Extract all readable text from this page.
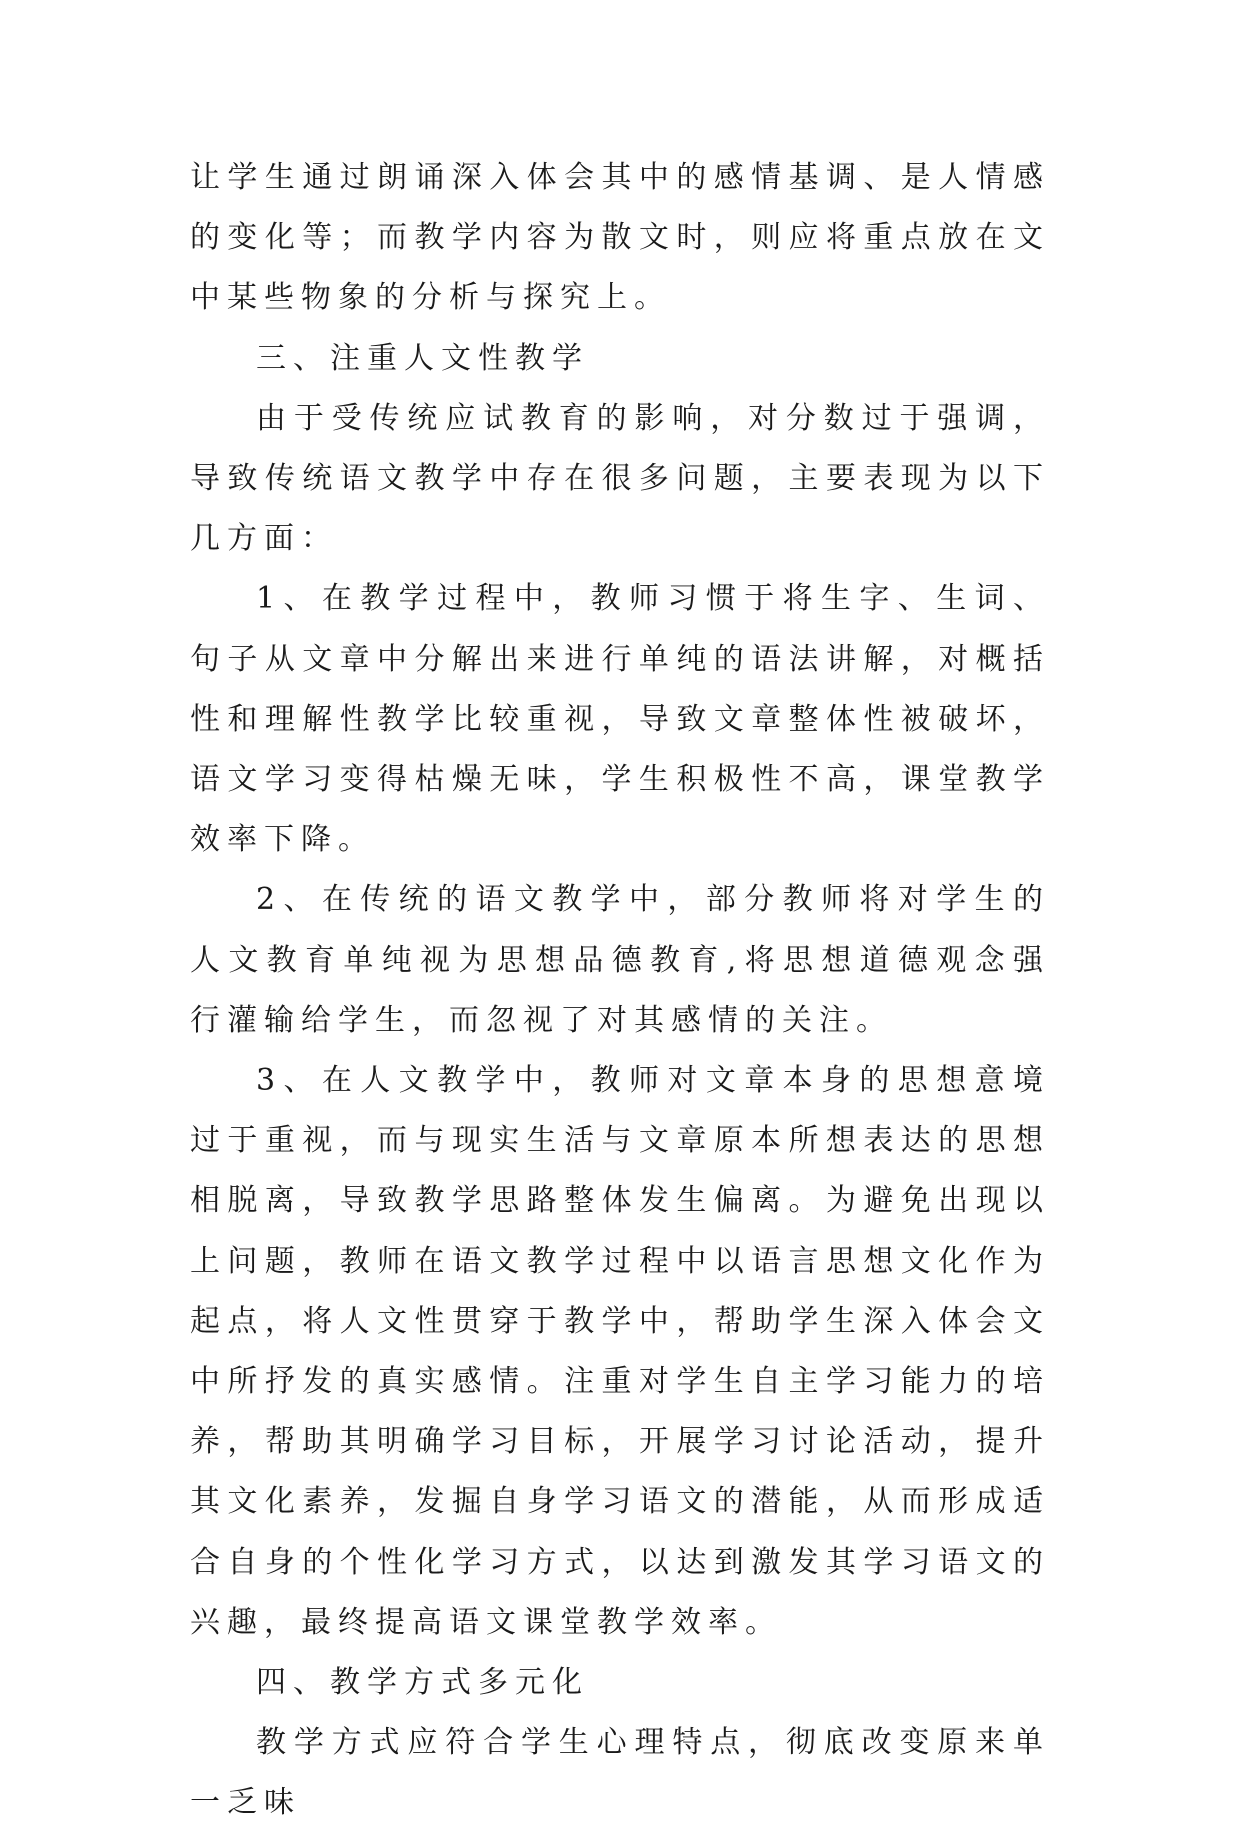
让学生通过朗诵深入体会其中的感情基调、是人情感的变化等；而教学内容为散文时，则应将重点放在文中某些物象的分析与探究上。

三、注重人文性教学

由于受传统应试教育的影响，对分数过于强调，导致传统语文教学中存在很多问题，主要表现为以下几方面：

1、在教学过程中，教师习惯于将生字、生词、句子从文章中分解出来进行单纯的语法讲解，对概括性和理解性教学比较重视，导致文章整体性被破坏，语文学习变得枯燥无味，学生积极性不高，课堂教学效率下降。

2、在传统的语文教学中，部分教师将对学生的人文教育单纯视为思想品德教育,将思想道德观念强行灌输给学生，而忽视了对其感情的关注。

3、在人文教学中，教师对文章本身的思想意境过于重视，而与现实生活与文章原本所想表达的思想相脱离，导致教学思路整体发生偏离。为避免出现以上问题，教师在语文教学过程中以语言思想文化作为起点，将人文性贯穿于教学中，帮助学生深入体会文中所抒发的真实感情。注重对学生自主学习能力的培养，帮助其明确学习目标，开展学习讨论活动，提升其文化素养，发掘自身学习语文的潜能，从而形成适合自身的个性化学习方式，以达到激发其学习语文的兴趣，最终提高语文课堂教学效率。

四、教学方式多元化

教学方式应符合学生心理特点，彻底改变原来单一乏味
